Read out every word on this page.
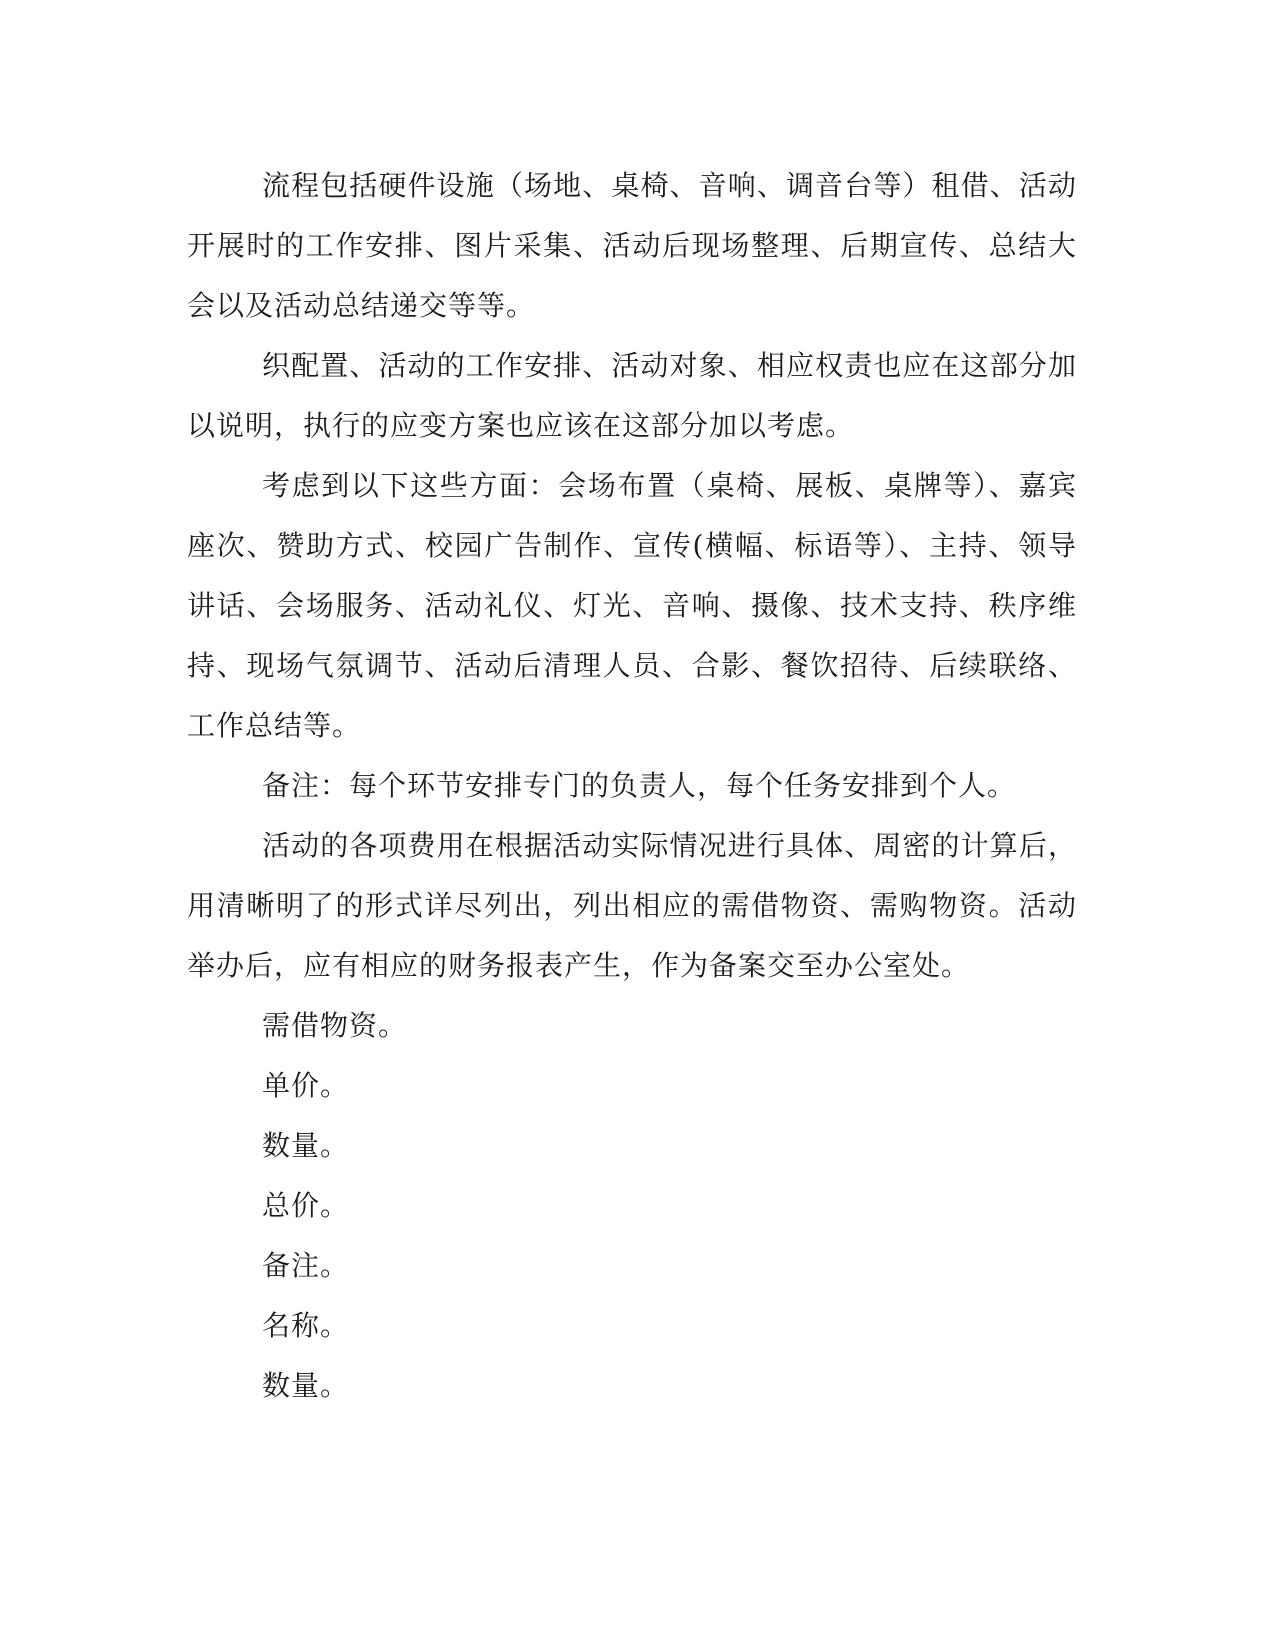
流程包括硬件设施（场地、桌椅、音响、调音台等）租借、活动开展时的工作安排、图片采集、活动后现场整理、后期宣传、总结大会以及活动总结递交等等。

织配置、活动的工作安排、活动对象、相应权责也应在这部分加以说明，执行的应变方案也应该在这部分加以考虑。

考虑到以下这些方面：会场布置（桌椅、展板、桌牌等）、嘉宾座次、赞助方式、校园广告制作、宣传(横幅、标语等）、主持、领导讲话、会场服务、活动礼仪、灯光、音响、摄像、技术支持、秩序维持、现场气氛调节、活动后清理人员、合影、餐饮招待、后续联络、工作总结等。

备注：每个环节安排专门的负责人，每个任务安排到个人。

活动的各项费用在根据活动实际情况进行具体、周密的计算后，用清晰明了的形式详尽列出，列出相应的需借物资、需购物资。活动举办后，应有相应的财务报表产生，作为备案交至办公室处。

需借物资。

单价。

数量。

总价。

备注。

名称。

数量。
